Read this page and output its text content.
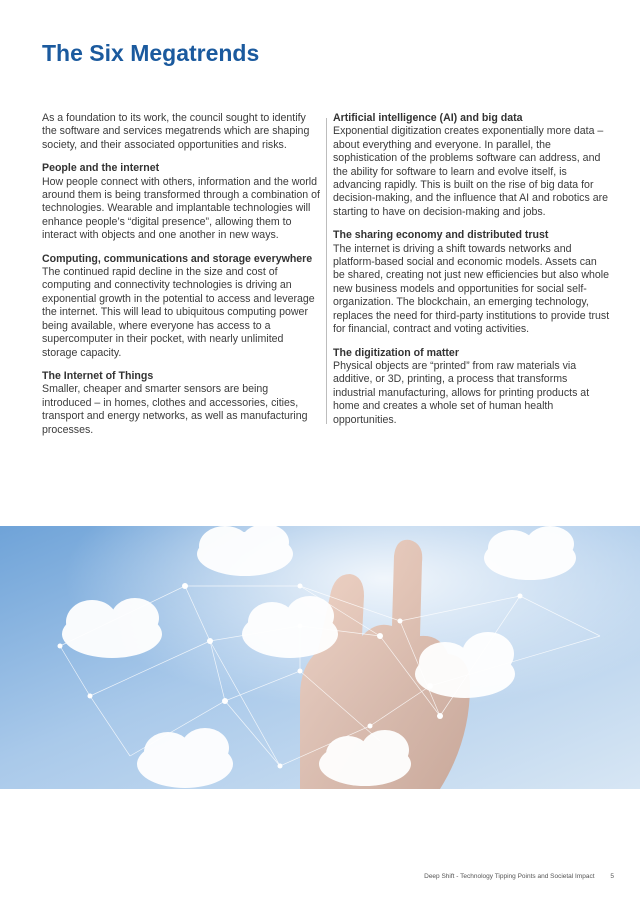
The Six Megatrends

As a foundation to its work, the council sought to identify the software and services megatrends which are shaping society, and their associated opportunities and risks.

People and the internet

How people connect with others, information and the world around them is being transformed through a combination of technologies. Wearable and implantable technologies will enhance people’s “digital presence”, allowing them to interact with objects and one another in new ways.

Computing, communications and storage everywhere

The continued rapid decline in the size and cost of computing and connectivity technologies is driving an exponential growth in the potential to access and leverage the internet. This will lead to ubiquitous computing power being available, where everyone has access to a supercomputer in their pocket, with nearly unlimited storage capacity.

The Internet of Things

Smaller, cheaper and smarter sensors are being introduced – in homes, clothes and accessories, cities, transport and energy networks, as well as manufacturing processes.

Artificial intelligence (AI) and big data

Exponential digitization creates exponentially more data – about everything and everyone. In parallel, the sophistication of the problems software can address, and the ability for software to learn and evolve itself, is advancing rapidly. This is built on the rise of big data for decision-making, and the influence that AI and robotics are starting to have on decision-making and jobs.

The sharing economy and distributed trust

The internet is driving a shift towards networks and platform-based social and economic models. Assets can be shared, creating not just new efficiencies but also whole new business models and opportunities for social self-organization. The blockchain, an emerging technology, replaces the need for third-party institutions to provide trust for financial, contract and voting activities.

The digitization of matter

Physical objects are “printed” from raw materials via additive, or 3D, printing, a process that transforms industrial manufacturing, allows for printing products at home and creates a whole set of human health opportunities.

Deep Shift - Technology Tipping Points and Societal Impact 5
